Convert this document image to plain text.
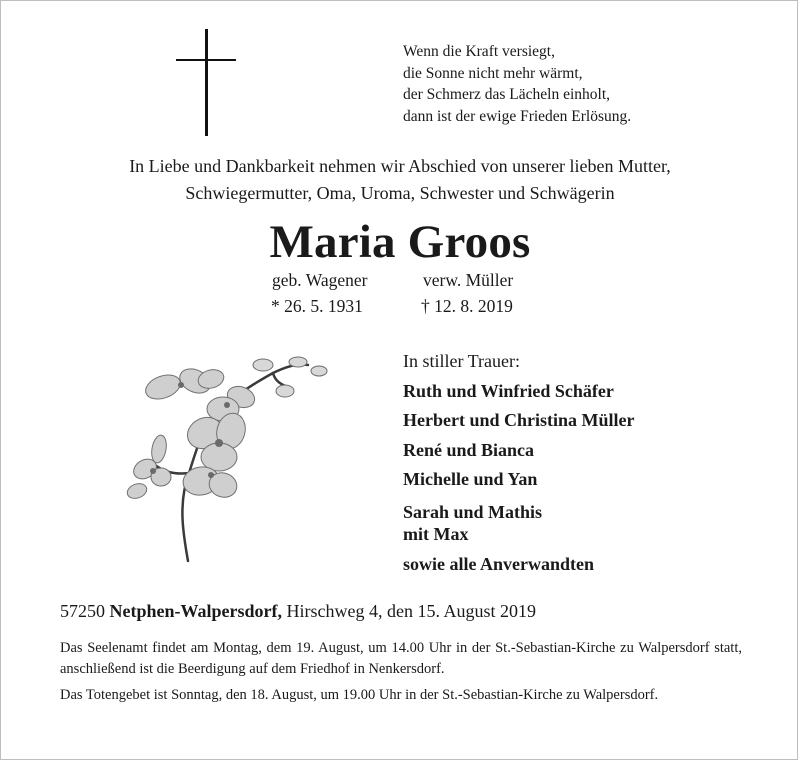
Wenn die Kraft versiegt,
die Sonne nicht mehr wärmt,
der Schmerz das Lächeln einholt,
dann ist der ewige Frieden Erlösung.
In Liebe und Dankbarkeit nehmen wir Abschied von unserer lieben Mutter,
Schwiegermutter, Oma, Uroma, Schwester und Schwägerin
Maria Groos
geb. Wagener	verw. Müller
* 26. 5. 1931	† 12. 8. 2019
In stiller Trauer:
Ruth und Winfried Schäfer
Herbert und Christina Müller
René und Bianca
Michelle und Yan
Sarah und Mathis
mit Max
sowie alle Anverwandten
57250 Netphen-Walpersdorf, Hirschweg 4, den 15. August 2019
Das Seelenamt findet am Montag, dem 19. August, um 14.00 Uhr in der St.-Sebastian-Kirche zu Walpersdorf statt, anschließend ist die Beerdigung auf dem Friedhof in Nenkersdorf.
Das Totengebet ist Sonntag, den 18. August, um 19.00 Uhr in der St.-Sebastian-Kirche zu Walpersdorf.
